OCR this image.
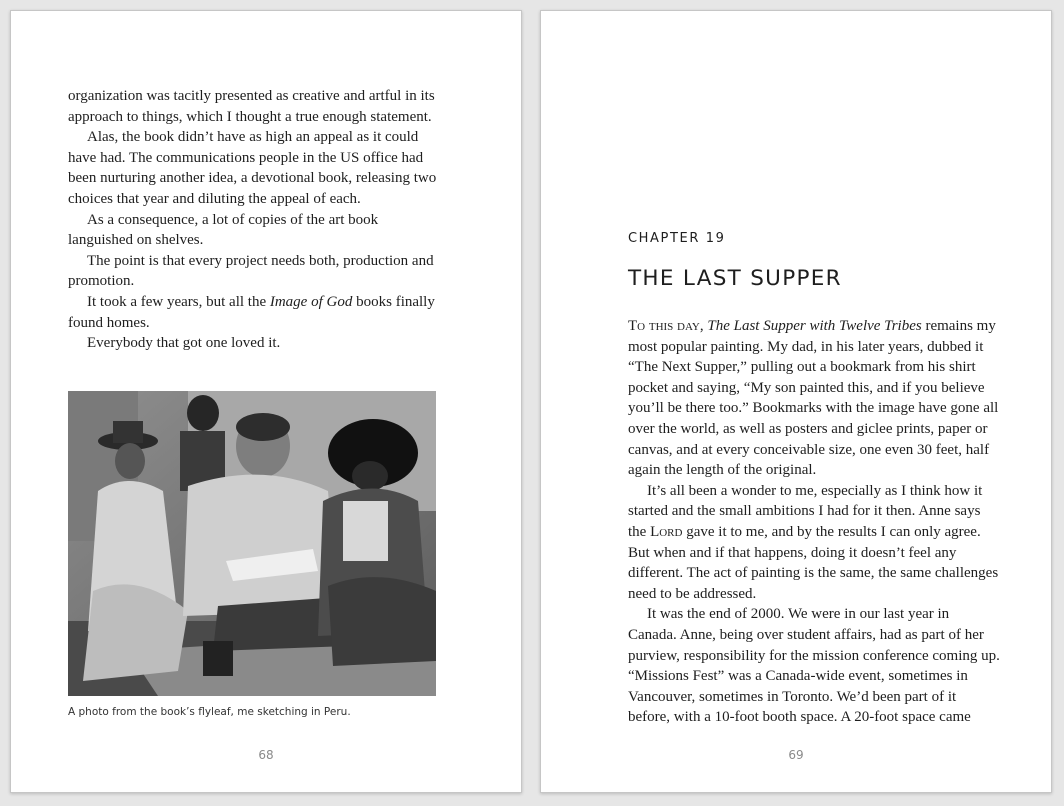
organization was tacitly presented as creative and artful in its approach to things, which I thought a true enough statement.

Alas, the book didn’t have as high an appeal as it could have had. The communications people in the US office had been nurturing another idea, a devotional book, releasing two choices that year and diluting the appeal of each.

As a consequence, a lot of copies of the art book languished on shelves.

The point is that every project needs both, production and promotion.

It took a few years, but all the Image of God books finally found homes.

Everybody that got one loved it.

A photo from the book’s flyleaf, me sketching in Peru.
68
CHAPTER 19
THE LAST SUPPER

To this day, The Last Supper with Twelve Tribes remains my most popular painting. My dad, in his later years, dubbed it “The Next Supper,” pulling out a bookmark from his shirt pocket and saying, “My son painted this, and if you believe you’ll be there too.” Bookmarks with the image have gone all over the world, as well as posters and giclee prints, paper or canvas, and at every conceivable size, one even 30 feet, half again the length of the original.

It’s all been a wonder to me, especially as I think how it started and the small ambitions I had for it then. Anne says the Lord gave it to me, and by the results I can only agree. But when and if that happens, doing it doesn’t feel any different. The act of painting is the same, the same challenges need to be addressed.

It was the end of 2000. We were in our last year in Canada. Anne, being over student affairs, had as part of her purview, responsibility for the mission conference coming up. “Missions Fest” was a Canada-wide event, sometimes in Vancouver, sometimes in Toronto. We’d been part of it before, with a 10-foot booth space. A 20-foot space came

69
